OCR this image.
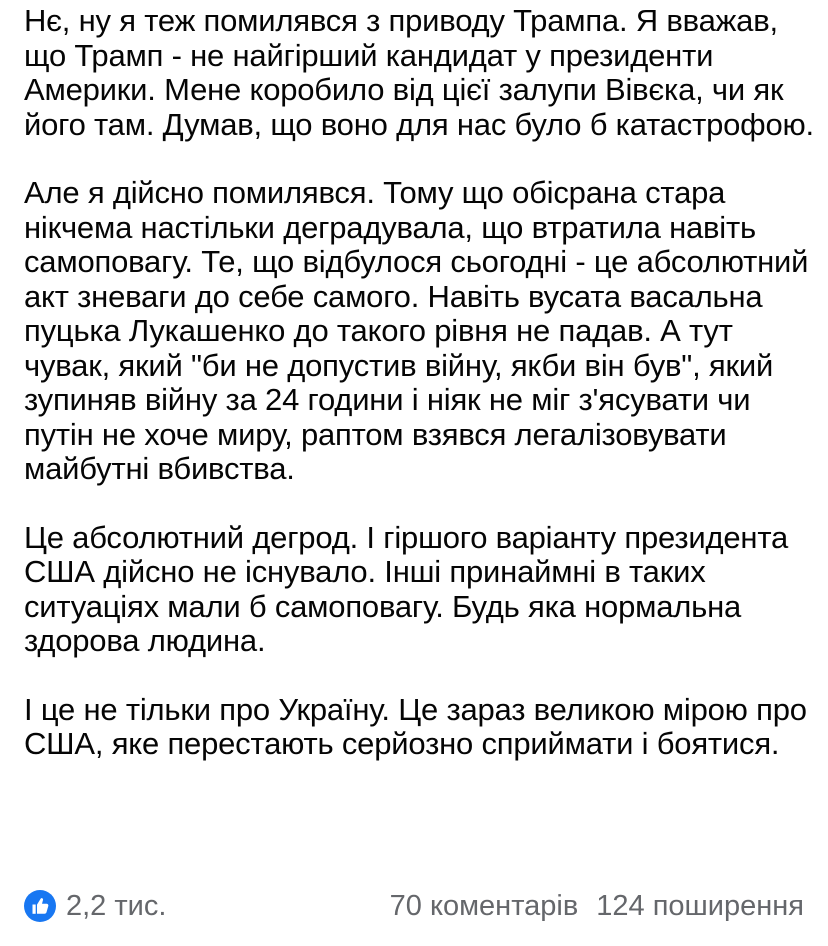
Нє, ну я теж помилявся з приводу Трампа. Я вважав, що Трамп - не найгірший кандидат у президенти Америки. Мене коробило від цієї залупи Вівєка, чи як його там. Думав, що воно для нас було б катастрофою.

Але я дійсно помилявся. Тому що обісрана стара нікчема настільки деградувала, що втратила навіть самоповагу. Те, що відбулося сьогодні - це абсолютний акт зневаги до себе самого. Навіть вусата васальна пуцька Лукашенко до такого рівня не падав. А тут чувак, який "би не допустив війну, якби він був", який зупиняв війну за 24 години і ніяк не міг з'ясувати чи путін не хоче миру, раптом взявся легалізовувати майбутні вбивства.

Це абсолютний дегрод. І гіршого варіанту президента США дійсно не існувало. Інші принаймні в таких ситуаціях мали б самоповагу. Будь яка нормальна здорова людина.

І це не тільки про Україну. Це зараз великою мірою про США, яке перестають серйозно сприймати і боятися.

2,2 тис.	70 коментарів 124 поширення
